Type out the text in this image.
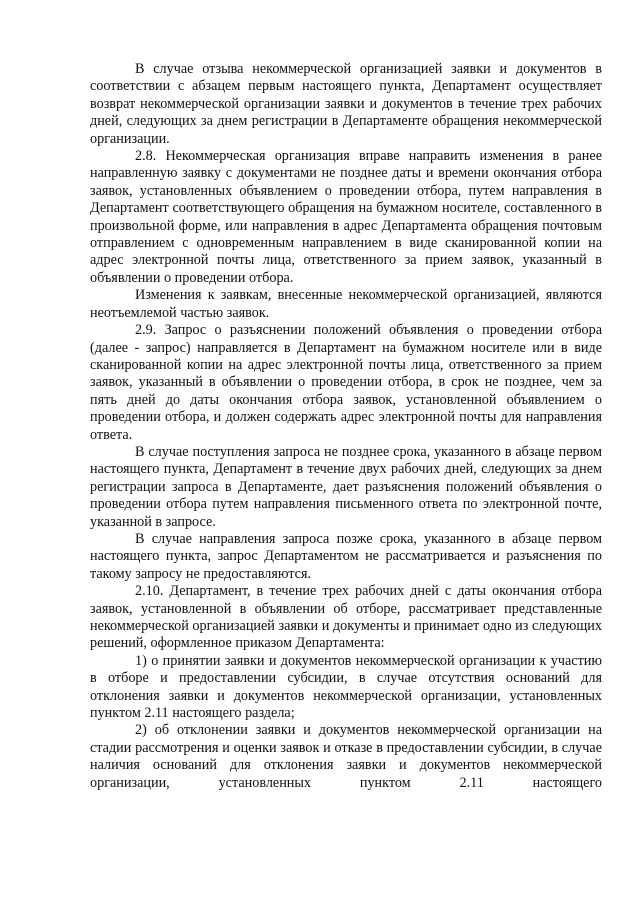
В случае отзыва некоммерческой организацией заявки и документов в соответствии с абзацем первым настоящего пункта, Департамент осуществляет возврат некоммерческой организации заявки и документов в течение трех рабочих дней, следующих за днем регистрации в Департаменте обращения некоммерческой организации.

2.8. Некоммерческая организация вправе направить изменения в ранее направленную заявку с документами не позднее даты и времени окончания отбора заявок, установленных объявлением о проведении отбора, путем направления в Департамент соответствующего обращения на бумажном носителе, составленного в произвольной форме, или направления в адрес Департамента обращения почтовым отправлением с одновременным направлением в виде сканированной копии на адрес электронной почты лица, ответственного за прием заявок, указанный в объявлении о проведении отбора.

Изменения к заявкам, внесенные некоммерческой организацией, являются неотъемлемой частью заявок.

2.9. Запрос о разъяснении положений объявления о проведении отбора (далее - запрос) направляется в Департамент на бумажном носителе или в виде сканированной копии на адрес электронной почты лица, ответственного за прием заявок, указанный в объявлении о проведении отбора, в срок не позднее, чем за пять дней до даты окончания отбора заявок, установленной объявлением о проведении отбора, и должен содержать адрес электронной почты для направления ответа.

В случае поступления запроса не позднее срока, указанного в абзаце первом настоящего пункта, Департамент в течение двух рабочих дней, следующих за днем регистрации запроса в Департаменте, дает разъяснения положений объявления о проведении отбора путем направления письменного ответа по электронной почте, указанной в запросе.

В случае направления запроса позже срока, указанного в абзаце первом настоящего пункта, запрос Департаментом не рассматривается и разъяснения по такому запросу не предоставляются.

2.10. Департамент, в течение трех рабочих дней с даты окончания отбора заявок, установленной в объявлении об отборе, рассматривает представленные некоммерческой организацией заявки и документы и принимает одно из следующих решений, оформленное приказом Департамента:

1) о принятии заявки и документов некоммерческой организации к участию в отборе и предоставлении субсидии, в случае отсутствия оснований для отклонения заявки и документов некоммерческой организации, установленных пунктом 2.11 настоящего раздела;

2) об отклонении заявки и документов некоммерческой организации на стадии рассмотрения и оценки заявок и отказе в предоставлении субсидии, в случае наличия оснований для отклонения заявки и документов некоммерческой организации, установленных пунктом 2.11 настоящего
